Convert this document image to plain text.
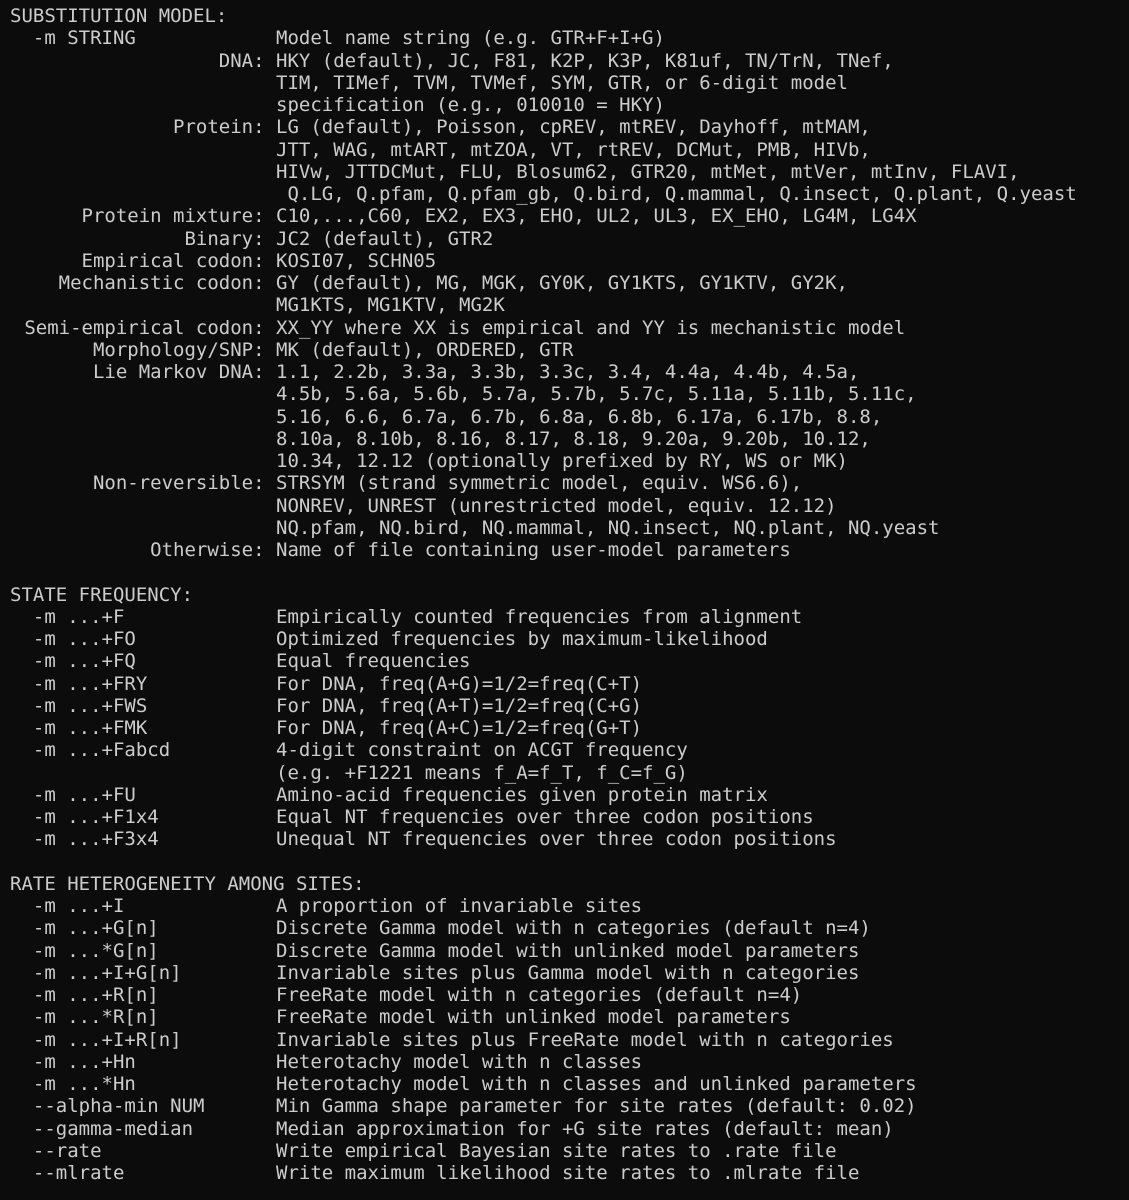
SUBSTITUTION MODEL:
-m STRING	Model name string (e.g. GTR+F+I+G)
DNA: HKY (default), JC, F81, K2P, K3P, K81uf, TN/TrN, TNef,
TIM, TIMef, TVM, TVMef, SYM, GTR, or 6-digit model
specification (e.g., 010010 = HKY)
Protein: LG (default), Poisson, cpREV, mtREV, Dayhoff, mtMAM,
JTT, WAG, mtART, mtZOA, VT, rtREV, DCMut, PMB, HIVb,
HIVw, JTTDCMut, FLU, Blosum62, GTR20, mtMet, mtVer, mtInv, FLAVI,
Q.LG, Q.pfam, Q.pfam_gb, Q.bird, Q.mammal, Q.insect, Q.plant, Q.yeast
Protein mixture: C10,...,C60, EX2, EX3, EHO, UL2, UL3, EX_EHO, LG4M, LG4X
Binary: JC2 (default), GTR2
Empirical codon: KOSI07, SCHN05
Mechanistic codon: GY (default), MG, MGK, GY0K, GY1KTS, GY1KTV, GY2K,
MG1KTS, MG1KTV, MG2K
Semi-empirical codon: XX_YY where XX is empirical and YY is mechanistic model
Morphology/SNP: MK (default), ORDERED, GTR
Lie Markov DNA: 1.1, 2.2b, 3.3a, 3.3b, 3.3c, 3.4, 4.4a, 4.4b, 4.5a,
4.5b, 5.6a, 5.6b, 5.7a, 5.7b, 5.7c, 5.11a, 5.11b, 5.11c,
5.16, 6.6, 6.7a, 6.7b, 6.8a, 6.8b, 6.17a, 6.17b, 8.8,
8.10a, 8.10b, 8.16, 8.17, 8.18, 9.20a, 9.20b, 10.12,
10.34, 12.12 (optionally prefixed by RY, WS or MK)
Non-reversible: STRSYM (strand symmetric model, equiv. WS6.6),
NONREV, UNREST (unrestricted model, equiv. 12.12)
NQ.pfam, NQ.bird, NQ.mammal, NQ.insect, NQ.plant, NQ.yeast
Otherwise: Name of file containing user-model parameters
STATE FREQUENCY:
-m ...+F	Empirically counted frequencies from alignment
-m ...+FO	Optimized frequencies by maximum-likelihood
-m ...+FQ	Equal frequencies
-m ...+FRY	For DNA, freq(A+G)=1/2=freq(C+T)
-m ...+FWS	For DNA, freq(A+T)=1/2=freq(C+G)
-m ...+FMK	For DNA, freq(A+C)=1/2=freq(G+T)
-m ...+Fabcd	4-digit constraint on ACGT frequency
(e.g. +F1221 means f_A=f_T, f_C=f_G)
-m ...+FU	Amino-acid frequencies given protein matrix
-m ...+F1x4	Equal NT frequencies over three codon positions
-m ...+F3x4	Unequal NT frequencies over three codon positions
RATE HETEROGENEITY AMONG SITES:
-m ...+I	A proportion of invariable sites
-m ...+G[n]	Discrete Gamma model with n categories (default n=4)
-m ...*G[n]	Discrete Gamma model with unlinked model parameters
-m ...+I+G[n]	Invariable sites plus Gamma model with n categories
-m ...+R[n]	FreeRate model with n categories (default n=4)
-m ...*R[n]	FreeRate model with unlinked model parameters
-m ...+I+R[n]	Invariable sites plus FreeRate model with n categories
-m ...+Hn	Heterotachy model with n classes
-m ...*Hn	Heterotachy model with n classes and unlinked parameters
--alpha-min NUM	Min Gamma shape parameter for site rates (default: 0.02)
--gamma-median	Median approximation for +G site rates (default: mean)
--rate	Write empirical Bayesian site rates to .rate file
--mlrate	Write maximum likelihood site rates to .mlrate file
